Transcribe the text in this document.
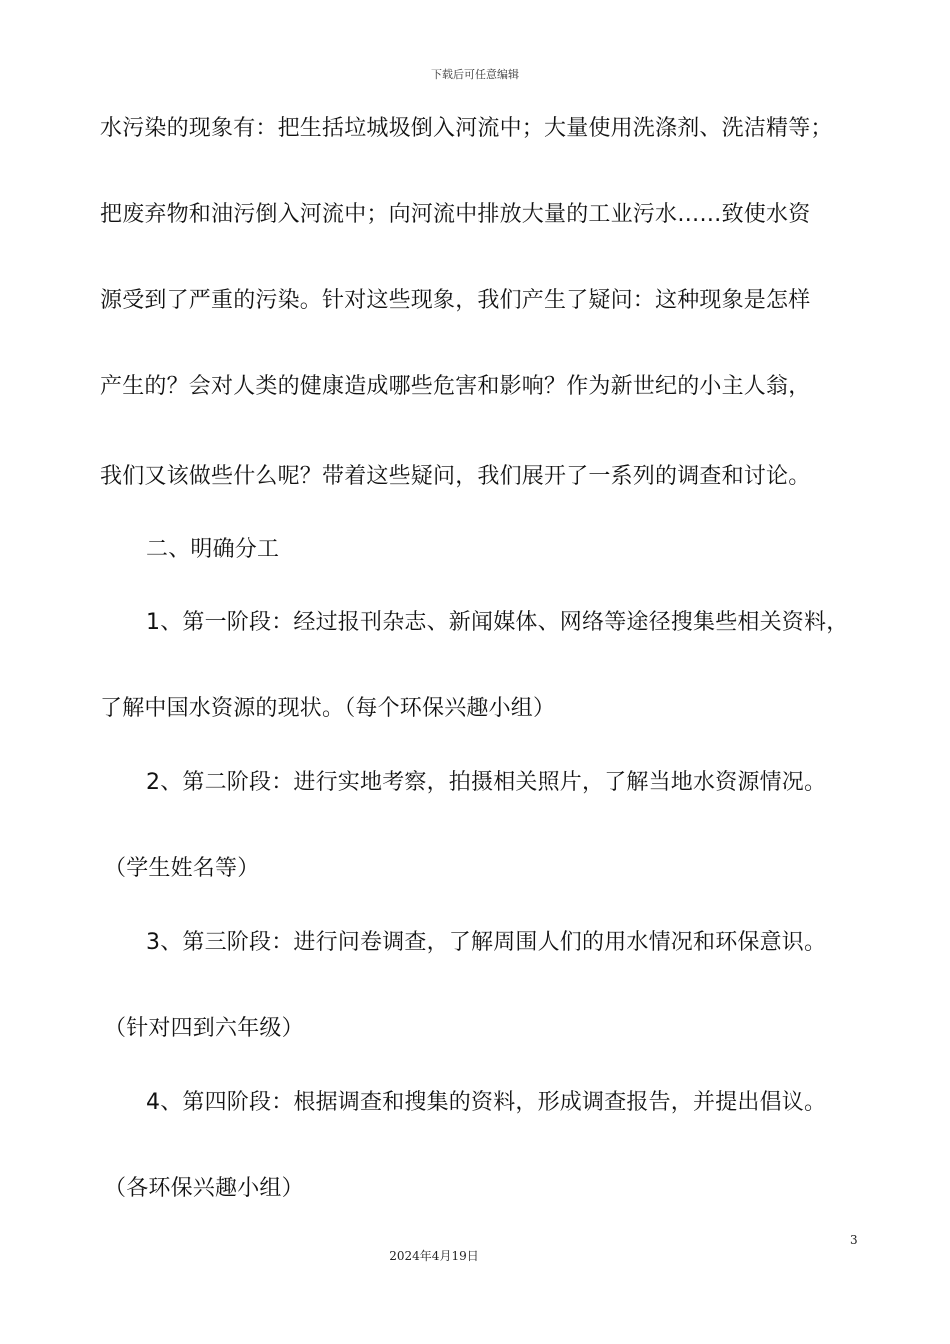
下载后可任意编辑
水污染的现象有：把生括垃城圾倒入河流中；大量使用洗涤剂、洗洁精等；
把废弃物和油污倒入河流中；向河流中排放大量的工业污水……致使水资
源受到了严重的污染。针对这些现象，我们产生了疑问：这种现象是怎样
产生的？会对人类的健康造成哪些危害和影响？作为新世纪的小主人翁，
我们又该做些什么呢？带着这些疑问，我们展开了一系列的调查和讨论。
二、明确分工
1、第一阶段：经过报刊杂志、新闻媒体、网络等途径搜集些相关资料，
了解中国水资源的现状。（每个环保兴趣小组）
2、第二阶段：进行实地考察，拍摄相关照片，了解当地水资源情况。
（学生姓名等）
3、第三阶段：进行问卷调查，了解周围人们的用水情况和环保意识。
（针对四到六年级）
4、第四阶段：根据调查和搜集的资料，形成调查报告，并提出倡议。
（各环保兴趣小组）
3
2024年4月19日
